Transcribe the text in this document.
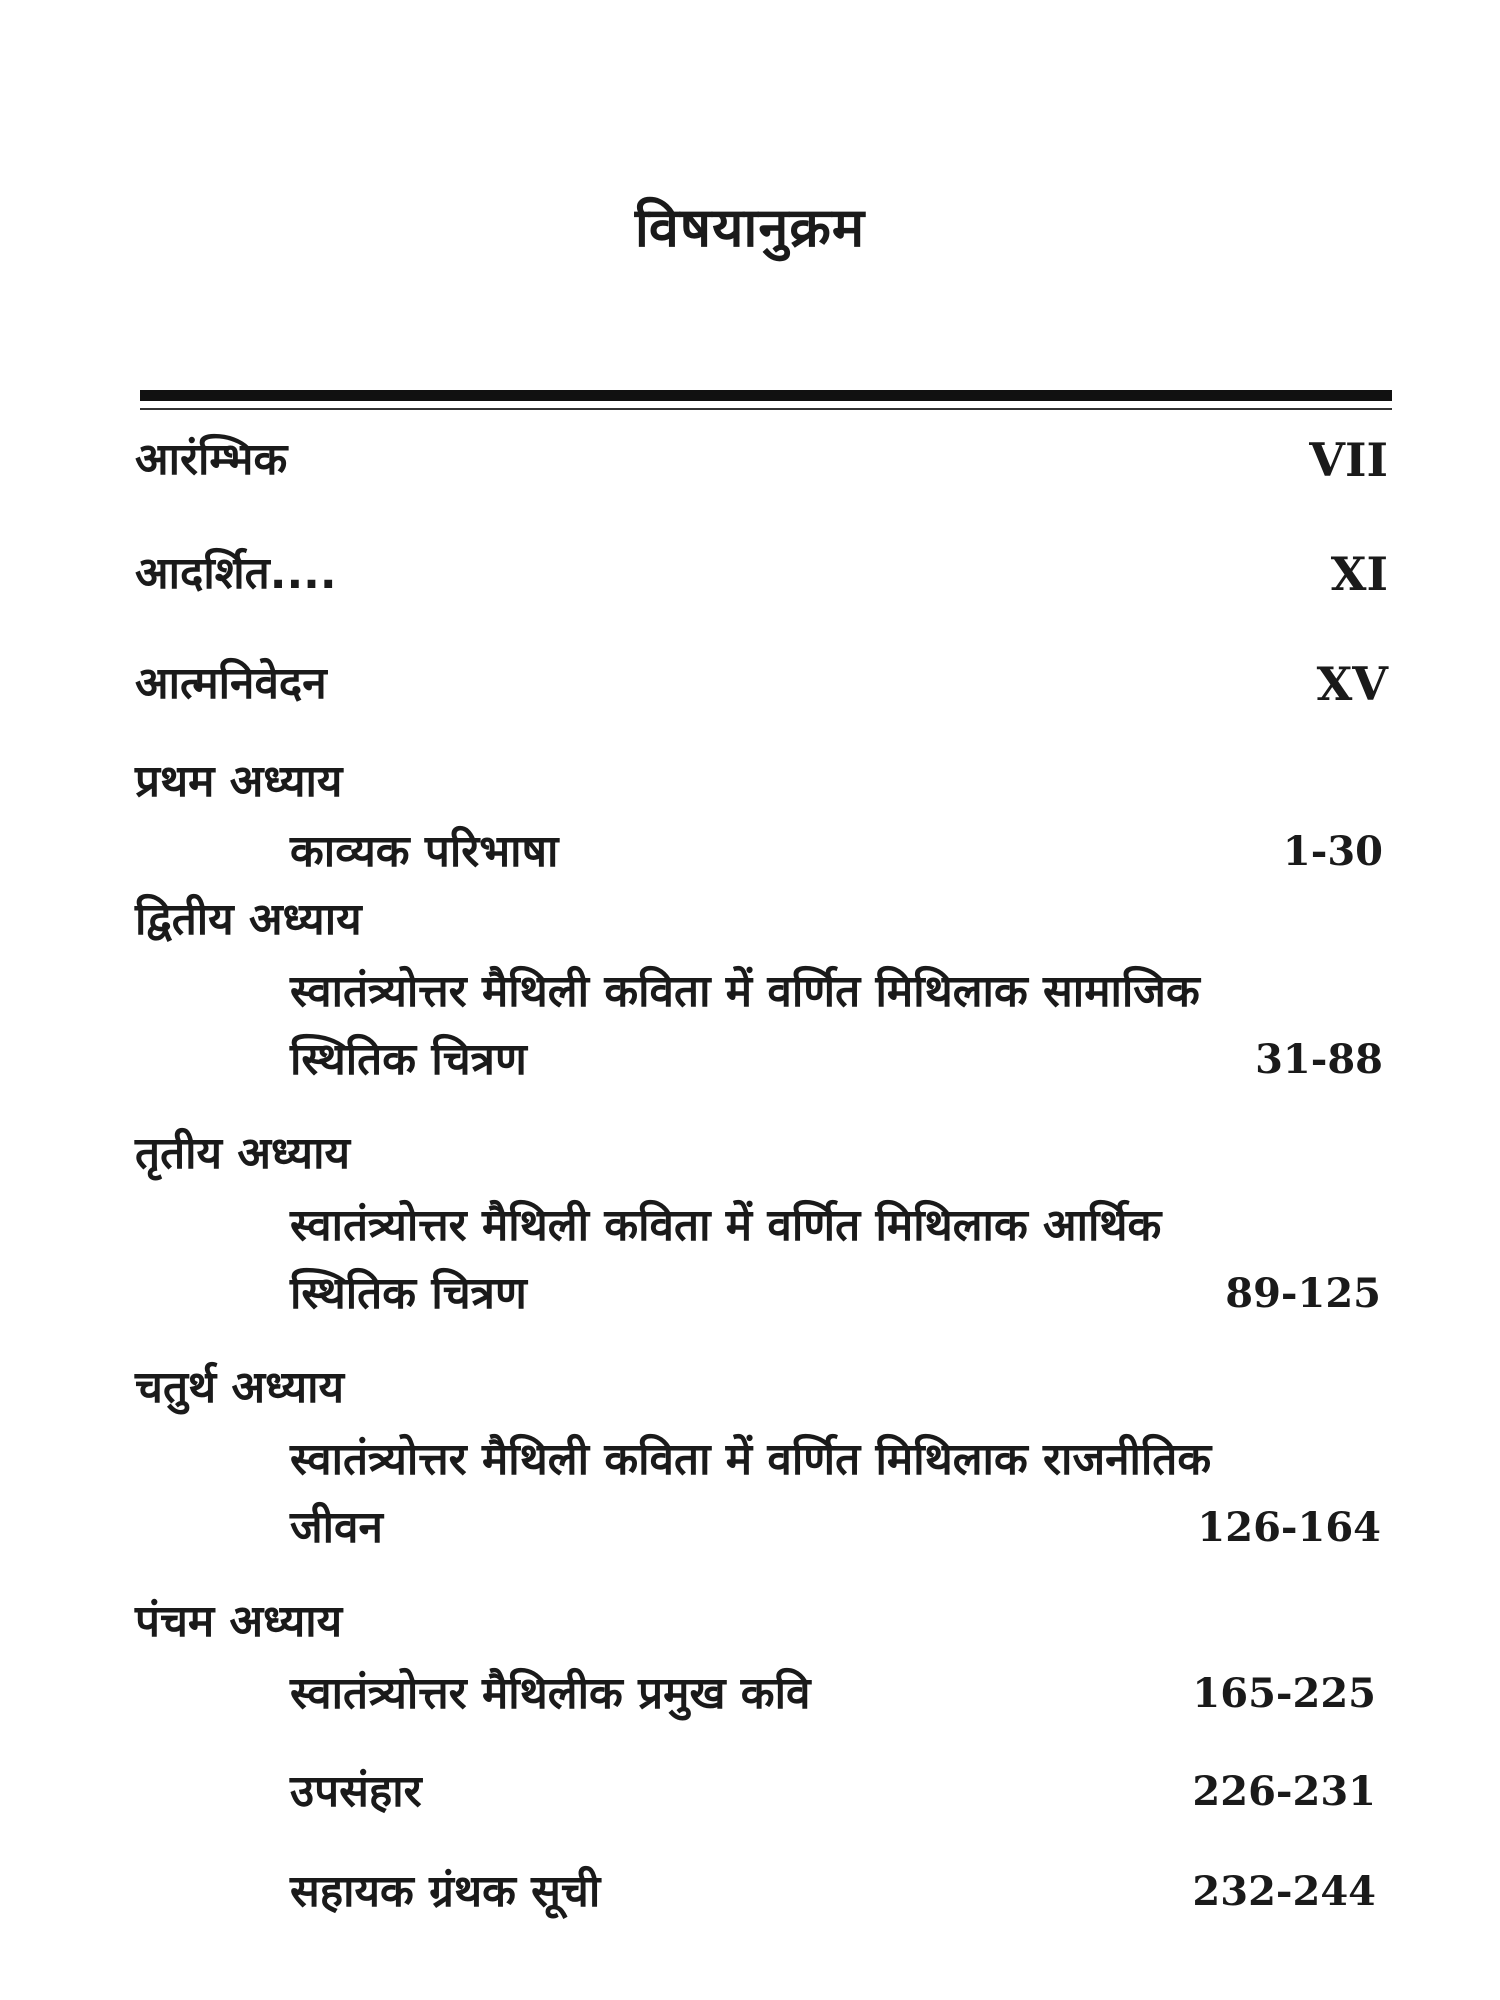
विषयानुक्रम
आरंम्भिक	VII
आदर्शित....	XI
आत्मनिवेदन	XV
प्रथम अध्याय
काव्यक परिभाषा	1-30
द्वितीय अध्याय
स्वातंत्र्योत्तर मैथिली कविता में वर्णित मिथिलाक सामाजिक
स्थितिक चित्रण	31-88
तृतीय अध्याय
स्वातंत्र्योत्तर मैथिली कविता में वर्णित मिथिलाक आर्थिक
स्थितिक चित्रण	89-125
चतुर्थ अध्याय
स्वातंत्र्योत्तर मैथिली कविता में वर्णित मिथिलाक राजनीतिक
जीवन	126-164
पंचम अध्याय
स्वातंत्र्योत्तर मैथिलीक प्रमुख कवि	165-225
उपसंहार	226-231
सहायक ग्रंथक सूची	232-244
